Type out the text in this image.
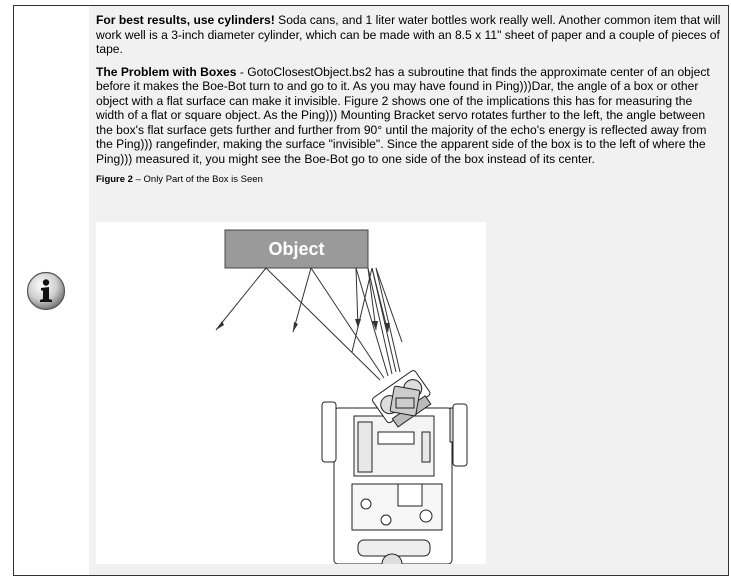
For best results, use cylinders! Soda cans, and 1 liter water bottles work really well. Another common item that will work well is a 3-inch diameter cylinder, which can be made with an 8.5 x 11" sheet of paper and a couple of pieces of tape.

The Problem with Boxes - GotoClosestObject.bs2 has a subroutine that finds the approximate center of an object before it makes the Boe-Bot turn to and go to it. As you may have found in Ping)))Dar, the angle of a box or other object with a flat surface can make it invisible. Figure 2 shows one of the implications this has for measuring the width of a flat or square object. As the Ping))) Mounting Bracket servo rotates further to the left, the angle between the box's flat surface gets further and further from 90° until the majority of the echo's energy is reflected away from the Ping))) rangefinder, making the surface "invisible". Since the apparent side of the box is to the left of where the Ping))) measured it, you might see the Boe-Bot go to one side of the box instead of its center.

Figure 2 – Only Part of the Box is Seen
Object
